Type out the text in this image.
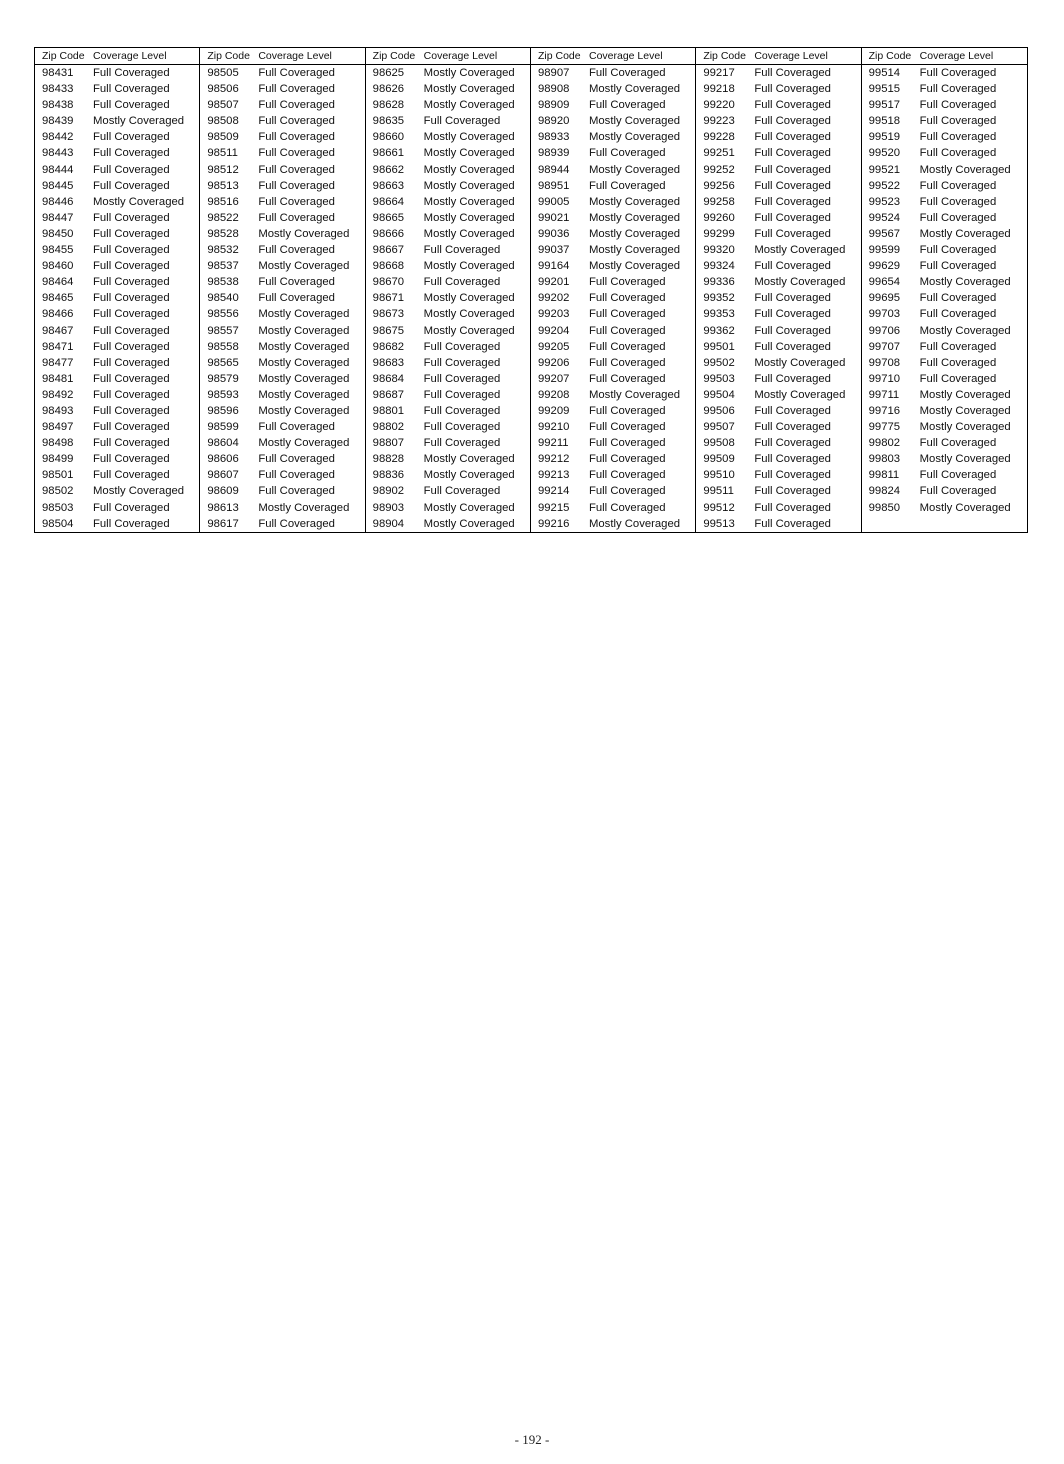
Zip Code Coverage Level
98431	Full Coveraged
98433	Full Coveraged
98438	Full Coveraged
98439	Mostly Coveraged
98442	Full Coveraged
98443	Full Coveraged
98444	Full Coveraged
98445	Full Coveraged
98446	Mostly Coveraged
98447	Full Coveraged
98450	Full Coveraged
98455	Full Coveraged
98460	Full Coveraged
98464	Full Coveraged
98465	Full Coveraged
98466	Full Coveraged
98467	Full Coveraged
98471	Full Coveraged
98477	Full Coveraged
98481	Full Coveraged
98492	Full Coveraged
98493	Full Coveraged
98497	Full Coveraged
98498	Full Coveraged
98499	Full Coveraged
98501	Full Coveraged
98502	Mostly Coveraged
98503	Full Coveraged
98504	Full Coveraged
Zip Code Coverage Level
98505	Full Coveraged
98506	Full Coveraged
98507	Full Coveraged
98508	Full Coveraged
98509	Full Coveraged
98511	Full Coveraged
98512	Full Coveraged
98513	Full Coveraged
98516	Full Coveraged
98522	Full Coveraged
98528	Mostly Coveraged
98532	Full Coveraged
98537	Mostly Coveraged
98538	Full Coveraged
98540	Full Coveraged
98556	Mostly Coveraged
98557	Mostly Coveraged
98558	Mostly Coveraged
98565	Mostly Coveraged
98579	Mostly Coveraged
98593	Mostly Coveraged
98596	Mostly Coveraged
98599	Full Coveraged
98604	Mostly Coveraged
98606	Full Coveraged
98607	Full Coveraged
98609	Full Coveraged
98613	Mostly Coveraged
98617	Full Coveraged
Zip Code Coverage Level
98625	Mostly Coveraged
98626	Mostly Coveraged
98628	Mostly Coveraged
98635	Full Coveraged
98660	Mostly Coveraged
98661	Mostly Coveraged
98662	Mostly Coveraged
98663	Mostly Coveraged
98664	Mostly Coveraged
98665	Mostly Coveraged
98666	Mostly Coveraged
98667	Full Coveraged
98668	Mostly Coveraged
98670	Full Coveraged
98671	Mostly Coveraged
98673	Mostly Coveraged
98675	Mostly Coveraged
98682	Full Coveraged
98683	Full Coveraged
98684	Full Coveraged
98687	Full Coveraged
98801	Full Coveraged
98802	Full Coveraged
98807	Full Coveraged
98828	Mostly Coveraged
98836	Mostly Coveraged
98902	Full Coveraged
98903	Mostly Coveraged
98904	Mostly Coveraged
Zip Code Coverage Level
98907	Full Coveraged
98908	Mostly Coveraged
98909	Full Coveraged
98920	Mostly Coveraged
98933	Mostly Coveraged
98939	Full Coveraged
98944	Mostly Coveraged
98951	Full Coveraged
99005	Mostly Coveraged
99021	Mostly Coveraged
99036	Mostly Coveraged
99037	Mostly Coveraged
99164	Mostly Coveraged
99201	Full Coveraged
99202	Full Coveraged
99203	Full Coveraged
99204	Full Coveraged
99205	Full Coveraged
99206	Full Coveraged
99207	Full Coveraged
99208	Mostly Coveraged
99209	Full Coveraged
99210	Full Coveraged
99211	Full Coveraged
99212	Full Coveraged
99213	Full Coveraged
99214	Full Coveraged
99215	Full Coveraged
99216	Mostly Coveraged
Zip Code Coverage Level
99217	Full Coveraged
99218	Full Coveraged
99220	Full Coveraged
99223	Full Coveraged
99228	Full Coveraged
99251	Full Coveraged
99252	Full Coveraged
99256	Full Coveraged
99258	Full Coveraged
99260	Full Coveraged
99299	Full Coveraged
99320	Mostly Coveraged
99324	Full Coveraged
99336	Mostly Coveraged
99352	Full Coveraged
99353	Full Coveraged
99362	Full Coveraged
99501	Full Coveraged
99502	Mostly Coveraged
99503	Full Coveraged
99504	Mostly Coveraged
99506	Full Coveraged
99507	Full Coveraged
99508	Full Coveraged
99509	Full Coveraged
99510	Full Coveraged
99511	Full Coveraged
99512	Full Coveraged
99513	Full Coveraged
Zip Code Coverage Level
99514	Full Coveraged
99515	Full Coveraged
99517	Full Coveraged
99518	Full Coveraged
99519	Full Coveraged
99520	Full Coveraged
99521	Mostly Coveraged
99522	Full Coveraged
99523	Full Coveraged
99524	Full Coveraged
99567	Mostly Coveraged
99599	Full Coveraged
99629	Full Coveraged
99654	Mostly Coveraged
99695	Full Coveraged
99703	Full Coveraged
99706	Mostly Coveraged
99707	Full Coveraged
99708	Full Coveraged
99710	Full Coveraged
99711	Mostly Coveraged
99716	Mostly Coveraged
99775	Mostly Coveraged
99802	Full Coveraged
99803	Mostly Coveraged
99811	Full Coveraged
99824	Full Coveraged
99850	Mostly Coveraged
- 192 -
